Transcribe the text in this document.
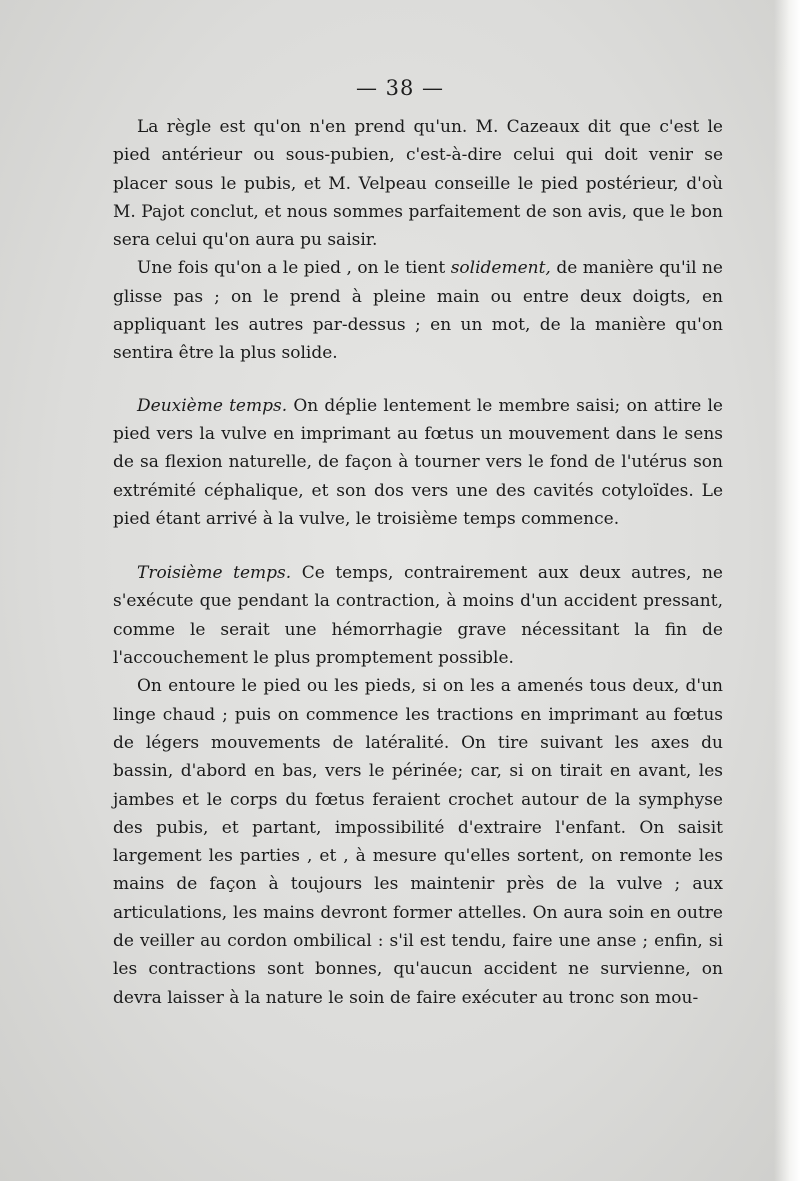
— 38 —

La règle est qu'on n'en prend qu'un. M. Cazeaux dit que c'est le pied antérieur ou sous-pubien, c'est-à-dire celui qui doit venir se placer sous le pubis, et M. Velpeau conseille le pied postérieur, d'où M. Pajot conclut, et nous sommes parfaitement de son avis, que le bon sera celui qu'on aura pu saisir.

Une fois qu'on a le pied , on le tient solidement, de manière qu'il ne glisse pas ; on le prend à pleine main ou entre deux doigts, en appliquant les autres par-dessus ; en un mot, de la manière qu'on sentira être la plus solide.

Deuxième temps. On déplie lentement le membre saisi; on attire le pied vers la vulve en imprimant au fœtus un mouvement dans le sens de sa flexion naturelle, de façon à tourner vers le fond de l'utérus son extrémité céphalique, et son dos vers une des cavités cotyloïdes. Le pied étant arrivé à la vulve, le troisième temps commence.

Troisième temps. Ce temps, contrairement aux deux autres, ne s'exécute que pendant la contraction, à moins d'un accident pressant, comme le serait une hémorrhagie grave nécessitant la fin de l'accouchement le plus promptement possible.

On entoure le pied ou les pieds, si on les a amenés tous deux, d'un linge chaud ; puis on commence les tractions en imprimant au fœtus de légers mouvements de latéralité. On tire suivant les axes du bassin, d'abord en bas, vers le périnée; car, si on tirait en avant, les jambes et le corps du fœtus feraient crochet autour de la symphyse des pubis, et partant, impossibilité d'extraire l'enfant. On saisit largement les parties , et , à mesure qu'elles sortent, on remonte les mains de façon à toujours les maintenir près de la vulve ; aux articulations, les mains devront former attelles. On aura soin en outre de veiller au cordon ombilical : s'il est tendu, faire une anse ; enfin, si les contractions sont bonnes, qu'aucun accident ne survienne, on devra laisser à la nature le soin de faire exécuter au tronc son mou-
